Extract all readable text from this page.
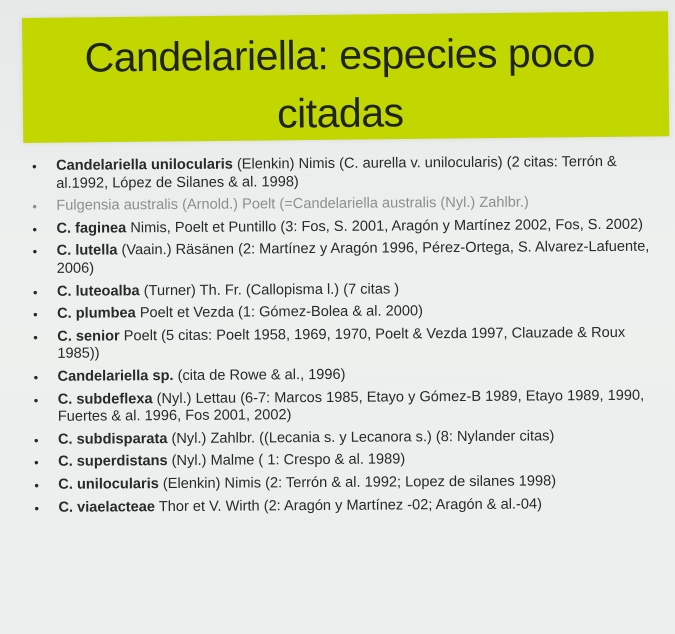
Candelariella: especies poco citadas
• Candelariella unilocularis (Elenkin) Nimis (C. aurella v. unilocularis) (2 citas: Terrón & al.1992, López de Silanes & al. 1998)
• Fulgensia australis (Arnold.) Poelt (=Candelariella australis (Nyl.) Zahlbr.)
• C. faginea Nimis, Poelt et Puntillo (3: Fos, S. 2001, Aragón y Martínez 2002, Fos, S. 2002)
• C. lutella (Vaain.) Räsänen (2: Martínez y Aragón 1996, Pérez-Ortega, S. Alvarez-Lafuente, 2006)
• C. luteoalba (Turner) Th. Fr. (Callopisma l.) (7 citas )
• C. plumbea Poelt et Vezda (1: Gómez-Bolea & al. 2000)
• C. senior Poelt (5 citas: Poelt 1958, 1969, 1970, Poelt & Vezda 1997, Clauzade & Roux 1985))
• Candelariella sp. (cita de Rowe & al., 1996)
• C. subdeflexa (Nyl.) Lettau (6-7: Marcos 1985, Etayo y Gómez-B 1989, Etayo 1989, 1990, Fuertes & al. 1996, Fos 2001, 2002)
• C. subdisparata (Nyl.) Zahlbr. ((Lecania s. y Lecanora s.) (8: Nylander citas)
• C. superdistans (Nyl.) Malme ( 1: Crespo & al. 1989)
• C. unilocularis (Elenkin) Nimis (2: Terrón & al. 1992; Lopez de silanes 1998)
• C. viaelacteae Thor et V. Wirth (2: Aragón y Martínez -02; Aragón & al.-04)
